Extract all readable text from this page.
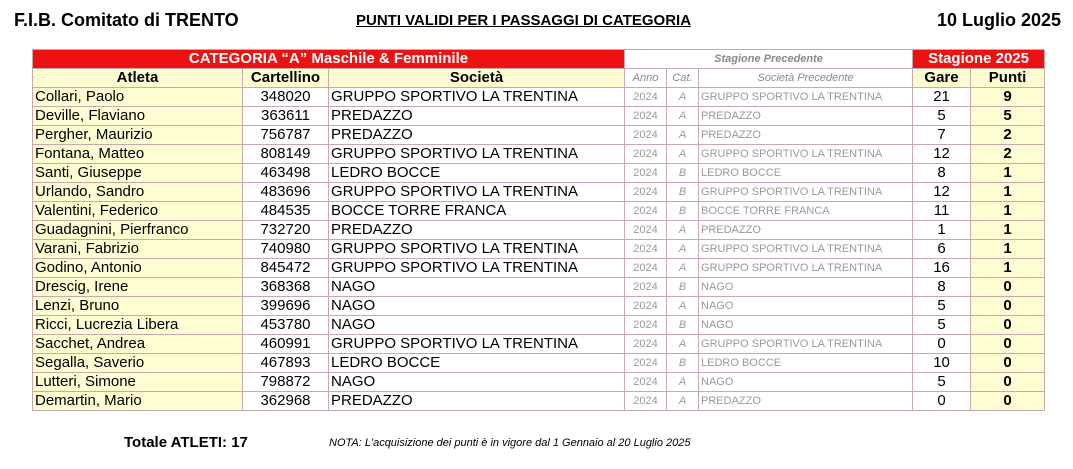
F.I.B. Comitato di TRENTO	PUNTI VALIDI PER I PASSAGGI DI CATEGORIA	10 Luglio 2025
CATEGORIA “A” Maschile & Femminile			Stagione Precedente			Stagione 2025	
Atleta	Cartellino	Società	Anno	Cat.	Società Precedente	Gare	Punti
Collari, Paolo	348020	GRUPPO SPORTIVO LA TRENTINA	2024	A	GRUPPO SPORTIVO LA TRENTINA	21	9
Deville, Flaviano	363611	PREDAZZO	2024	A	PREDAZZO	5	5
Pergher, Maurizio	756787	PREDAZZO	2024	A	PREDAZZO	7	2
Fontana, Matteo	808149	GRUPPO SPORTIVO LA TRENTINA	2024	A	GRUPPO SPORTIVO LA TRENTINA	12	2
Santi, Giuseppe	463498	LEDRO BOCCE	2024	B	LEDRO BOCCE	8	1
Urlando, Sandro	483696	GRUPPO SPORTIVO LA TRENTINA	2024	B	GRUPPO SPORTIVO LA TRENTINA	12	1
Valentini, Federico	484535	BOCCE TORRE FRANCA	2024	B	BOCCE TORRE FRANCA	11	1
Guadagnini, Pierfranco	732720	PREDAZZO	2024	A	PREDAZZO	1	1
Varani, Fabrizio	740980	GRUPPO SPORTIVO LA TRENTINA	2024	A	GRUPPO SPORTIVO LA TRENTINA	6	1
Godino, Antonio	845472	GRUPPO SPORTIVO LA TRENTINA	2024	A	GRUPPO SPORTIVO LA TRENTINA	16	1
Drescig, Irene	368368	NAGO	2024	B	NAGO	8	0
Lenzi, Bruno	399696	NAGO	2024	A	NAGO	5	0
Ricci, Lucrezia Libera	453780	NAGO	2024	B	NAGO	5	0
Sacchet, Andrea	460991	GRUPPO SPORTIVO LA TRENTINA	2024	A	GRUPPO SPORTIVO LA TRENTINA	0	0
Segalla, Saverio	467893	LEDRO BOCCE	2024	B	LEDRO BOCCE	10	0
Lutteri, Simone	798872	NAGO	2024	A	NAGO	5	0
Demartin, Mario	362968	PREDAZZO	2024	A	PREDAZZO	0	0
Totale ATLETI: 17	NOTA: L'acquisizione dei punti è in vigore dal 1 Gennaio al 20 Luglio 2025
